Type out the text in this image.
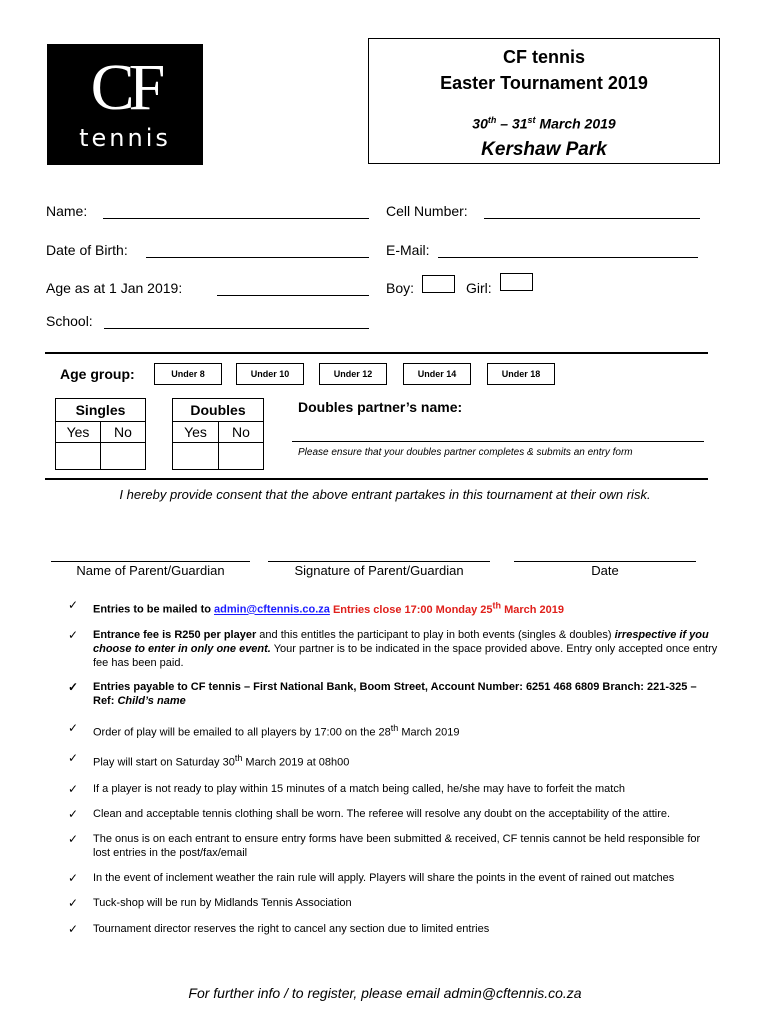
CF
tennis
CF tennis
Easter Tournament 2019
30th – 31st March 2019
Kershaw Park
Name:	Cell Number:
Date of Birth:	E-Mail:
Age as at 1 Jan 2019:	Boy:	Girl:
School:
Age group:	Under 8	Under 10	Under 12	Under 14	Under 18
Singles	
Yes	No

Doubles	
Yes	No

Doubles partner’s name:
Please ensure that your doubles partner completes & submits an entry form
I hereby provide consent that the above entrant partakes in this tournament at their own risk.
Name of Parent/Guardian	Signature of Parent/Guardian	Date
✓ Entries to be mailed to admin@cftennis.co.za Entries close 17:00 Monday 25th March 2019
✓ Entrance fee is R250 per player and this entitles the participant to play in both events (singles & doubles) irrespective if you choose to enter in only one event. Your partner is to be indicated in the space provided above. Entry only accepted once entry fee has been paid.
✓ Entries payable to CF tennis – First National Bank, Boom Street, Account Number: 6251 468 6809 Branch: 221-325 – Ref: Child’s name
✓ Order of play will be emailed to all players by 17:00 on the 28th March 2019
✓ Play will start on Saturday 30th March 2019 at 08h00
✓ If a player is not ready to play within 15 minutes of a match being called, he/she may have to forfeit the match
✓ Clean and acceptable tennis clothing shall be worn. The referee will resolve any doubt on the acceptability of the attire.
✓ The onus is on each entrant to ensure entry forms have been submitted & received, CF tennis cannot be held responsible for lost entries in the post/fax/email
✓ In the event of inclement weather the rain rule will apply. Players will share the points in the event of rained out matches
✓ Tuck-shop will be run by Midlands Tennis Association
✓ Tournament director reserves the right to cancel any section due to limited entries
For further info / to register, please email admin@cftennis.co.za
